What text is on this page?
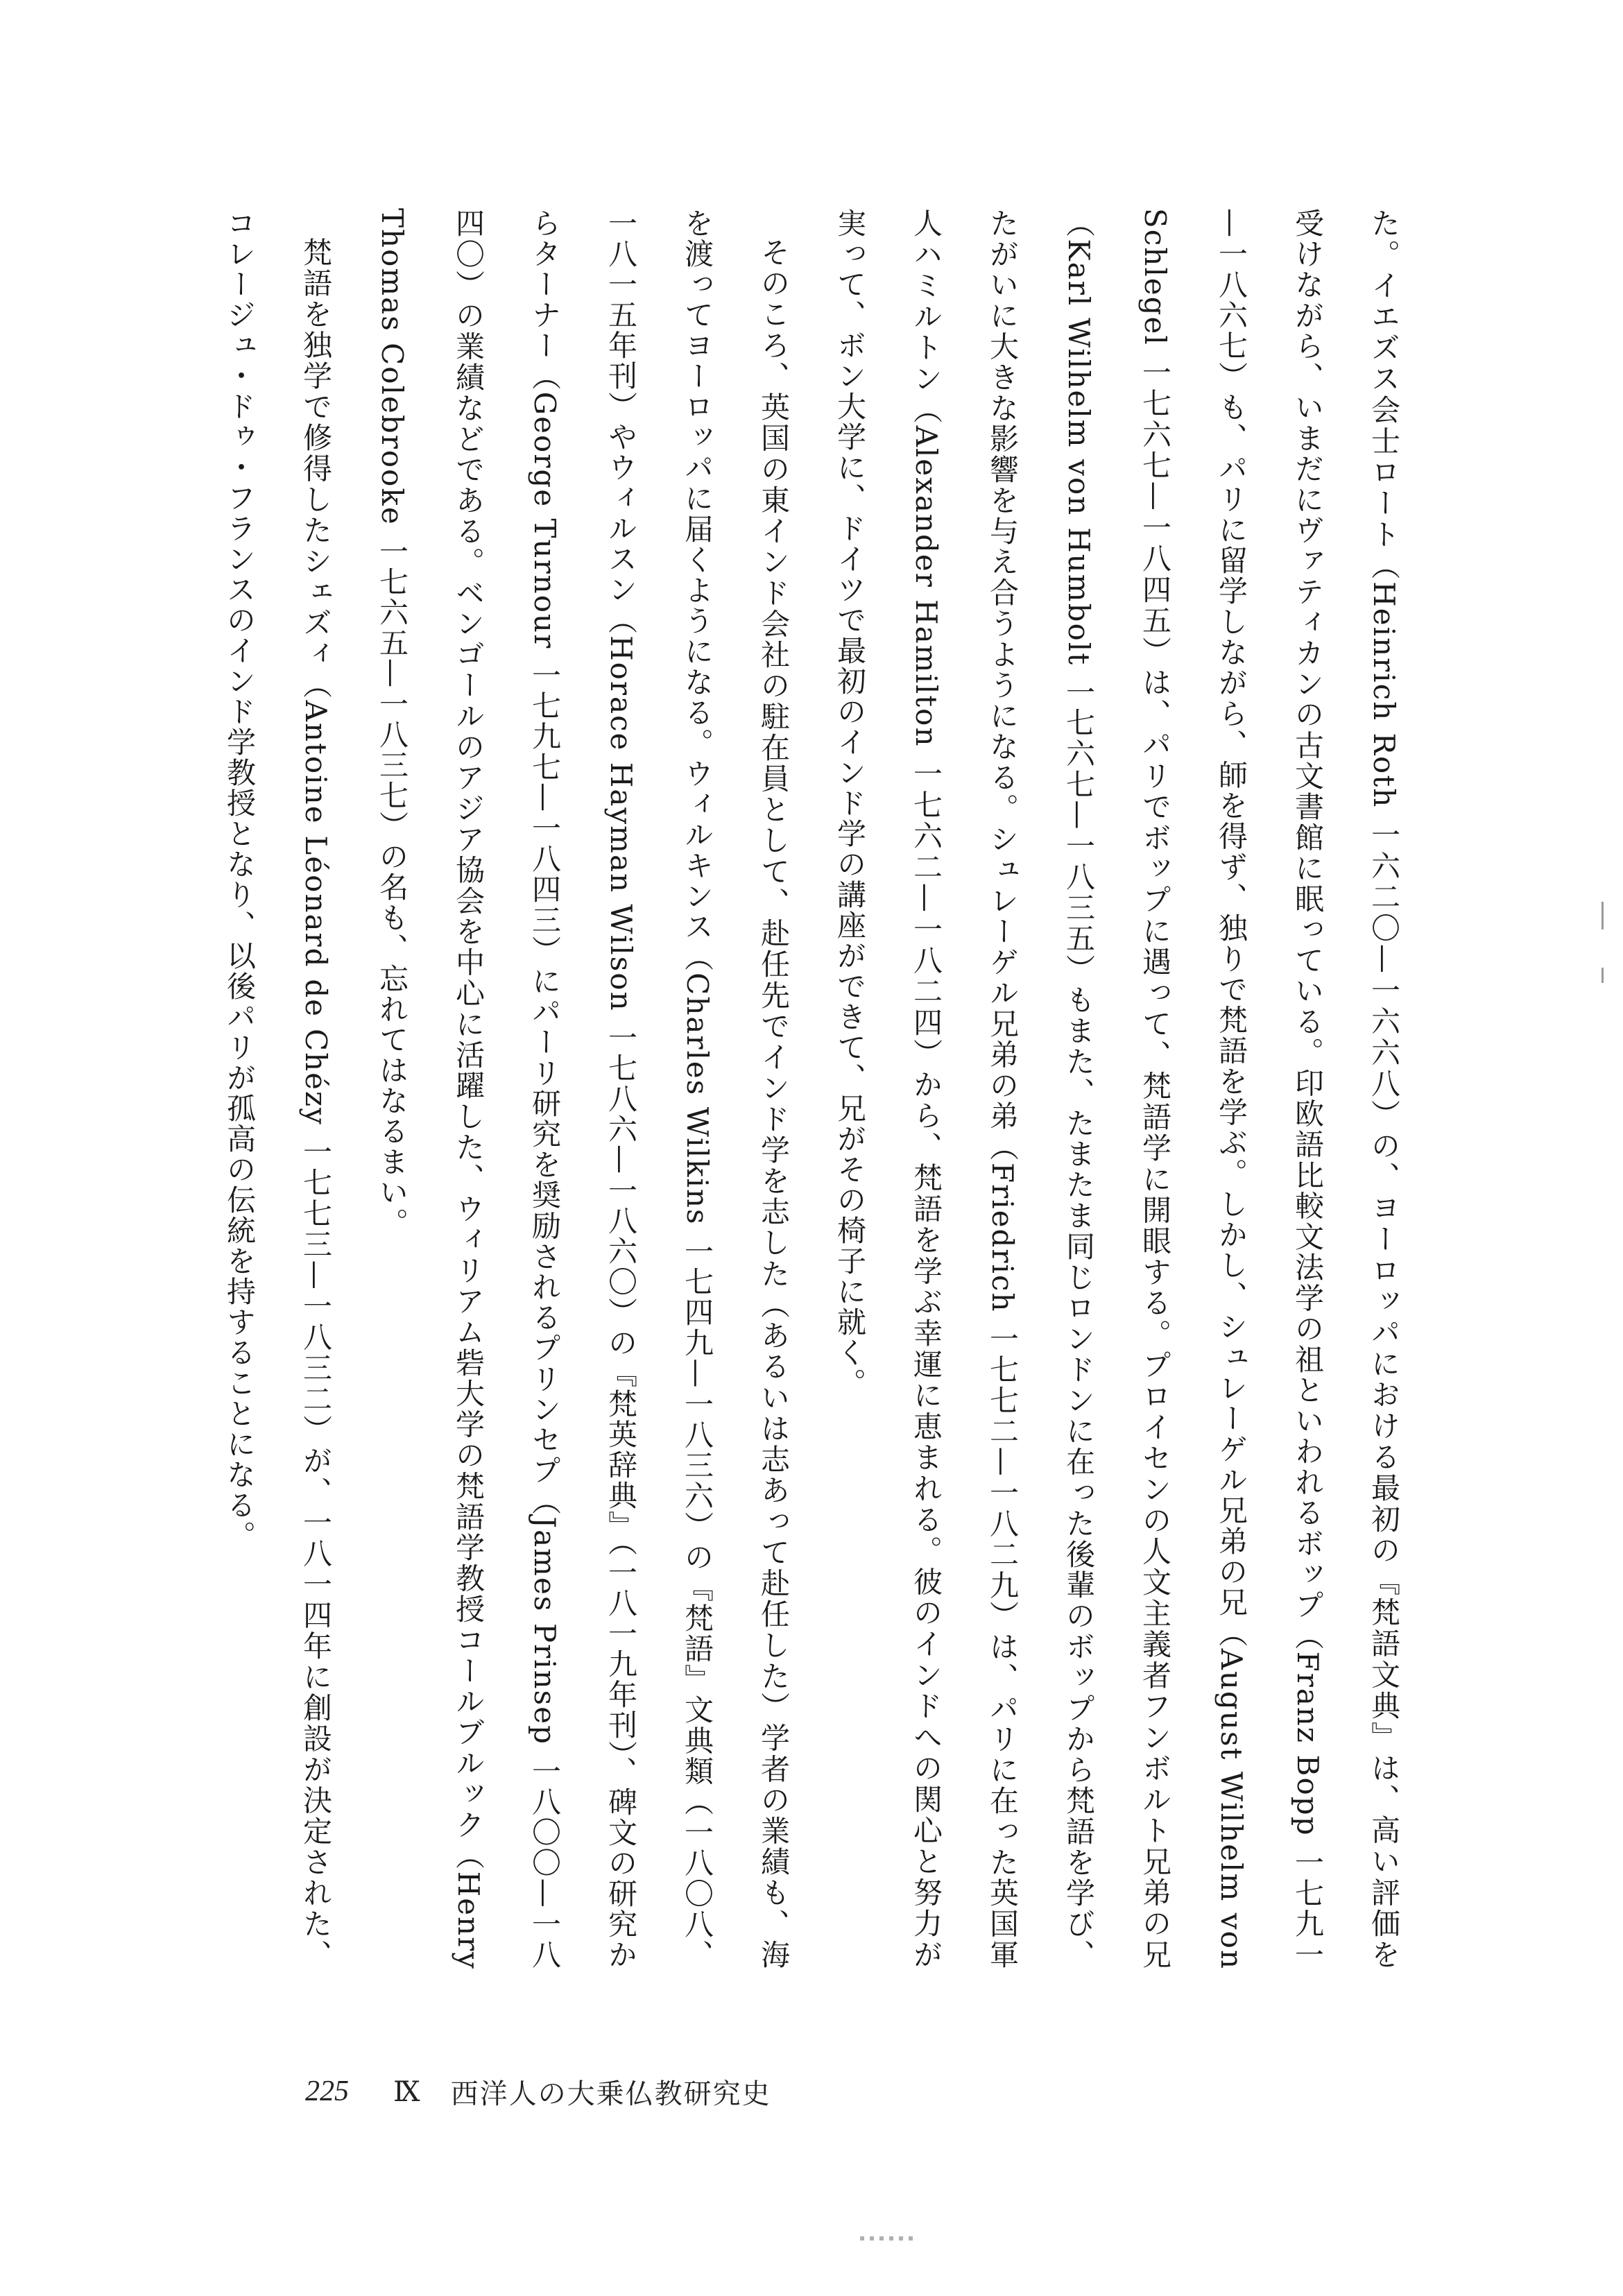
た。イエズス会士ロート（Heinrich Roth 一六二〇—一六六八）の、ヨーロッパにおける最初の『梵語文典』は、高い評価を受けながら、いまだにヴァティカンの古文書館に眠っている。印欧語比較文法学の祖といわれるボップ（Franz Bopp 一七九一—一八六七）も、パリに留学しながら、師を得ず、独りで梵語を学ぶ。しかし、シュレーゲル兄弟の兄（August Wilhelm von Schlegel 一七六七—一八四五）は、パリでボップに遇って、梵語学に開眼する。プロイセンの人文主義者フンボルト兄弟の兄（Karl Wilhelm von Humbolt 一七六七—一八三五）もまた、たまたま同じロンドンに在った後輩のボップから梵語を学び、たがいに大きな影響を与え合うようになる。シュレーゲル兄弟の弟（Friedrich 一七七二—一八二九）は、パリに在った英国軍人ハミルトン（Alexander Hamilton 一七六二—一八二四）から、梵語を学ぶ幸運に恵まれる。彼のインドへの関心と努力が実って、ボン大学に、ドイツで最初のインド学の講座ができて、兄がその椅子に就く。

そのころ、英国の東インド会社の駐在員として、赴任先でインド学を志した（あるいは志あって赴任した）学者の業績も、海を渡ってヨーロッパに届くようになる。ウィルキンス（Charles Wilkins 一七四九—一八三六）の『梵語』文典類（一八〇八、一八一五年刊）やウィルスン（Horace Hayman Wilson 一七八六—一八六〇）の『梵英辞典』（一八一九年刊）、碑文の研究からターナー（George Turnour 一七九七—一八四三）にパーリ研究を奨励されるプリンセプ（James Prinsep 一八〇〇—一八四〇）の業績などである。ベンゴールのアジア協会を中心に活躍した、ウィリアム砦大学の梵語学教授コールブルック（Henry Thomas Colebrooke 一七六五—一八三七）の名も、忘れてはなるまい。

梵語を独学で修得したシェズィ（Antoine Léonard de Chézy 一七七三—一八三二）が、一八一四年に創設が決定された、コレージュ・ドゥ・フランスのインド学教授となり、以後パリが孤高の伝統を持することになる。

225 Ⅸ 西洋人の大乗仏教研究史
